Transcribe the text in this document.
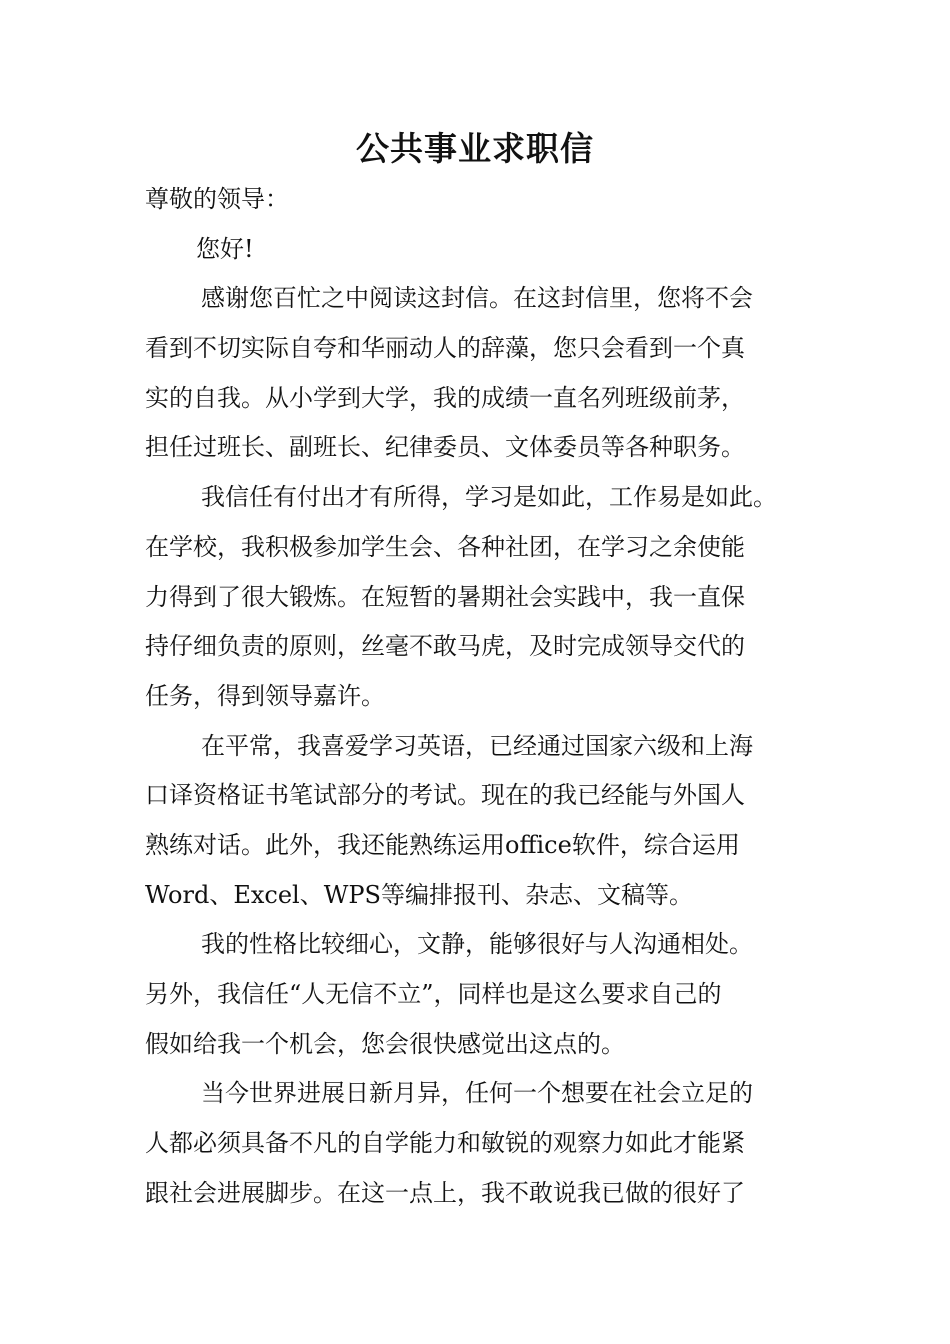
公共事业求职信
尊敬的领导：
您好!
感谢您百忙之中阅读这封信。在这封信里，您将不会
看到不切实际自夸和华丽动人的辞藻，您只会看到一个真
实的自我。从小学到大学，我的成绩一直名列班级前茅，
担任过班长、副班长、纪律委员、文体委员等各种职务。
我信任有付出才有所得，学习是如此，工作易是如此。
在学校，我积极参加学生会、各种社团，在学习之余使能
力得到了很大锻炼。在短暂的暑期社会实践中，我一直保
持仔细负责的原则，丝毫不敢马虎，及时完成领导交代的
任务，得到领导嘉许。
在平常，我喜爱学习英语，已经通过国家六级和上海
口译资格证书笔试部分的考试。现在的我已经能与外国人
熟练对话。此外，我还能熟练运用office软件，综合运用
Word、Excel、WPS等编排报刊、杂志、文稿等。
我的性格比较细心，文静，能够很好与人沟通相处。
另外，我信任“人无信不立”，同样也是这么要求自己的
假如给我一个机会，您会很快感觉出这点的。
当今世界进展日新月异，任何一个想要在社会立足的
人都必须具备不凡的自学能力和敏锐的观察力如此才能紧
跟社会进展脚步。在这一点上，我不敢说我已做的很好了
